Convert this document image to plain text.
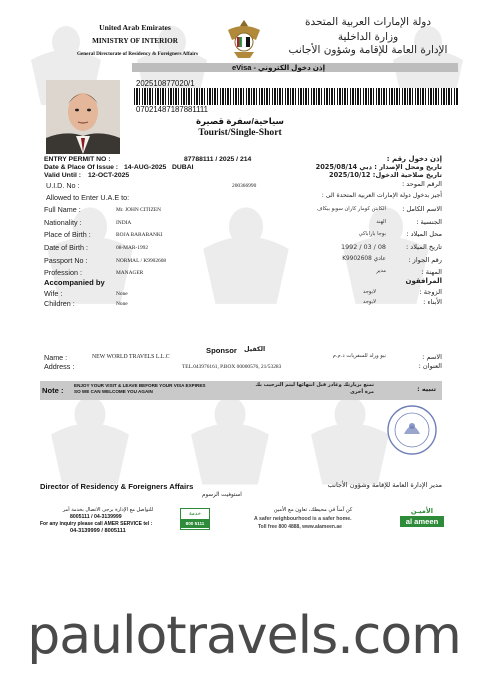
United Arab Emirates
MINISTRY OF INTERIOR
General Directorate of Residency & Foreigners Affairs
دولة الإمارات العربية المتحدة
وزارة الداخلية
الإدارة العامة للإقامة وشؤون الأجانب
eVisa - إذن دخول الكتروني
202510877020/1
07021487187881111
سياحية/سفرة قصيرة
Tourist/Single-Short
ENTRY PERMIT NO :	87788111 / 2025 / 214	إذن دخول رقم :
Date & Place Of Issue : 14-AUG-2025   DUBAI	تاريخ ومحل الإصدار : دبي 2025/08/14
Valid Until : 12-OCT-2025	تاريخ صلاحية الدخول: 2025/10/12
U.I.D. No :	200366990	الرقم الموحد :
Allowed to Enter U.A.E to:	أجيز بدخول دولة الإمارات العربية المتحدة الى :
Full Name :	Mr. JOHN CITIZEN	الكابتن كومار كاران سوبو بيكاف	الاسم الكامل :
Nationality :	INDIA	الهند	الجنسية :
Place of Birth :	BOJA BARABANKI	بوجا باراباكي	محل الميلاد :
Date of Birth :	08-MAR-1992	1992 / 03 / 08	تاريخ الميلاد :
Passport No :	NORMAL / K9902608	عادي K9902608	رقم الجواز :
Profession :	MANAGER	مدير	المهنة :
Accompanied by	المرافقون
Wife :	None	لايوجد	الزوجة :
Children :	None	لايوجد	الأبناء :
Sponsor الكفيل
Name :	NEW WORLD TRAVELS L.L.C	نيو ورلد للسفريات ذ.م.م	الاسم :
Address :	TEL.043976161, P.BOX 00000576, 21/53283	العنوان :
Note :
ENJOY YOUR VISIT & LEAVE BEFORE YOUR VISA EXPIRES SO WE CAN WELCOME YOU AGAIN
تمتع بزيارتك وغادر قبل انتهائها ليتم الترحيب بك مرة أخرى	تنبيه :
Director of Residency & Foreigners Affairs	مدير الإدارة العامة للإقامة وشؤون الأجانب
استوفيت الرسوم
للتواصل مع الإدارة برجى الاتصال بخدمة أمر
8005111 / 04-3139999
For any inquiry please call AMER SERVICE tel :
04-3139999 / 8005111
خدمة
800 5111
كن آمناً في محيطك، تعاون مع الأمين
A safer neighbourhood is a safer home.
Toll free 800 4888, www.alameen.ae
الأميـن
al ameen
paulotravels.com
